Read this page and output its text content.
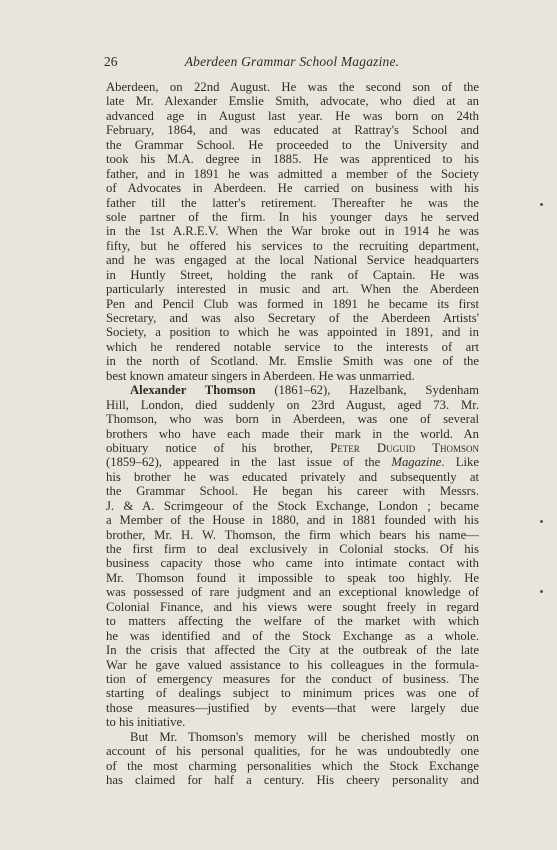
26	Aberdeen Grammar School Magazine.
Aberdeen, on 22nd August. He was the second son of the
late Mr. Alexander Emslie Smith, advocate, who died at an
advanced age in August last year. He was born on 24th
February, 1864, and was educated at Rattray's School and
the Grammar School. He proceeded to the University and
took his M.A. degree in 1885. He was apprenticed to his
father, and in 1891 he was admitted a member of the Society
of Advocates in Aberdeen. He carried on business with his
father till the latter's retirement. Thereafter he was the
sole partner of the firm. In his younger days he served
in the 1st A.R.E.V. When the War broke out in 1914 he was
fifty, but he offered his services to the recruiting department,
and he was engaged at the local National Service headquarters
in Huntly Street, holding the rank of Captain. He was
particularly interested in music and art. When the Aberdeen
Pen and Pencil Club was formed in 1891 he became its first
Secretary, and was also Secretary of the Aberdeen Artists'
Society, a position to which he was appointed in 1891, and in
which he rendered notable service to the interests of art
in the north of Scotland. Mr. Emslie Smith was one of the
best known amateur singers in Aberdeen. He was unmarried.
Alexander Thomson (1861–62), Hazelbank, Sydenham
Hill, London, died suddenly on 23rd August, aged 73. Mr.
Thomson, who was born in Aberdeen, was one of several
brothers who have each made their mark in the world. An
obituary notice of his brother, Peter Duguid Thomson
(1859–62), appeared in the last issue of the Magazine. Like
his brother he was educated privately and subsequently at
the Grammar School. He began his career with Messrs.
J. & A. Scrimgeour of the Stock Exchange, London ; became
a Member of the House in 1880, and in 1881 founded with his
brother, Mr. H. W. Thomson, the firm which bears his name—
the first firm to deal exclusively in Colonial stocks. Of his
business capacity those who came into intimate contact with
Mr. Thomson found it impossible to speak too highly. He
was possessed of rare judgment and an exceptional knowledge of
Colonial Finance, and his views were sought freely in regard
to matters affecting the welfare of the market with which
he was identified and of the Stock Exchange as a whole.
In the crisis that affected the City at the outbreak of the late
War he gave valued assistance to his colleagues in the formula-
tion of emergency measures for the conduct of business. The
starting of dealings subject to minimum prices was one of
those measures—justified by events—that were largely due
to his initiative.
But Mr. Thomson's memory will be cherished mostly on
account of his personal qualities, for he was undoubtedly one
of the most charming personalities which the Stock Exchange
has claimed for half a century. His cheery personality and
